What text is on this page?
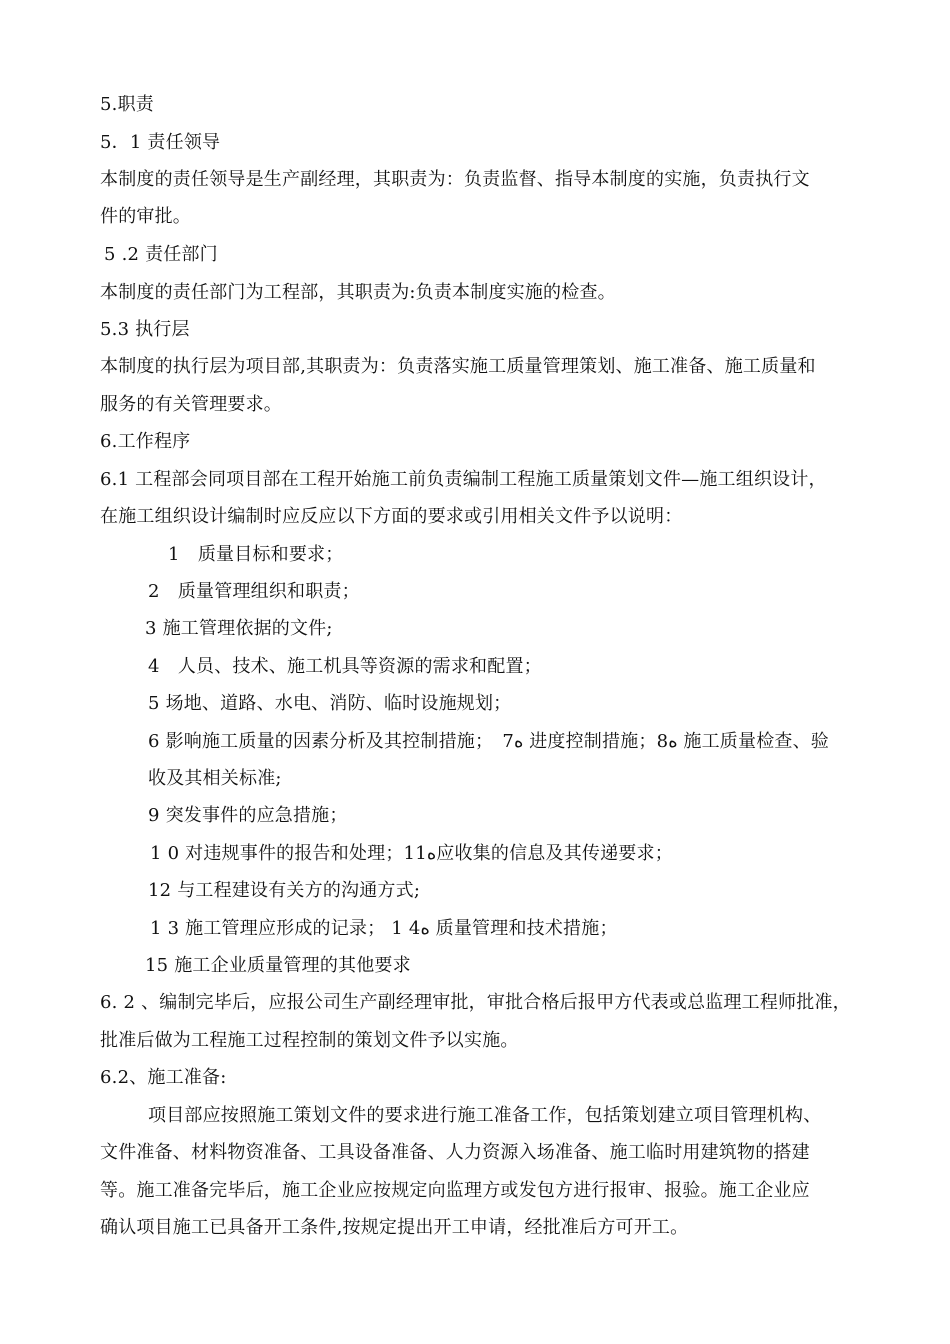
5.职责
5．1 责任领导
本制度的责任领导是生产副经理，其职责为：负责监督、指导本制度的实施，负责执行文
件的审批。
5 .2 责任部门
本制度的责任部门为工程部，其职责为:负责本制度实施的检查。
5.3 执行层
本制度的执行层为项目部,其职责为：负责落实施工质量管理策划、施工准备、施工质量和
服务的有关管理要求。
6.工作程序
6.1 工程部会同项目部在工程开始施工前负责编制工程施工质量策划文件—施工组织设计，
在施工组织设计编制时应反应以下方面的要求或引用相关文件予以说明：
1　质量目标和要求；
2　质量管理组织和职责；
3 施工管理依据的文件;
4　人员、技术、施工机具等资源的需求和配置；
5 场地、道路、水电、消防、临时设施规划；
6 影响施工质量的因素分析及其控制措施；　7ه 进度控制措施；8ه 施工质量检查、验
收及其相关标准;
9 突发事件的应急措施；
1 0 对违规事件的报告和处理；11ه应收集的信息及其传递要求；
12 与工程建设有关方的沟通方式;
1 3 施工管理应形成的记录； 1 4ه 质量管理和技术措施；
15 施工企业质量管理的其他要求
6. 2 、编制完毕后，应报公司生产副经理审批，审批合格后报甲方代表或总监理工程师批准，
批准后做为工程施工过程控制的策划文件予以实施。
6.2、施工准备:
项目部应按照施工策划文件的要求进行施工准备工作，包括策划建立项目管理机构、
文件准备、材料物资准备、工具设备准备、人力资源入场准备、施工临时用建筑物的搭建
等。施工准备完毕后，施工企业应按规定向监理方或发包方进行报审、报验。施工企业应
确认项目施工已具备开工条件,按规定提出开工申请，经批准后方可开工。
